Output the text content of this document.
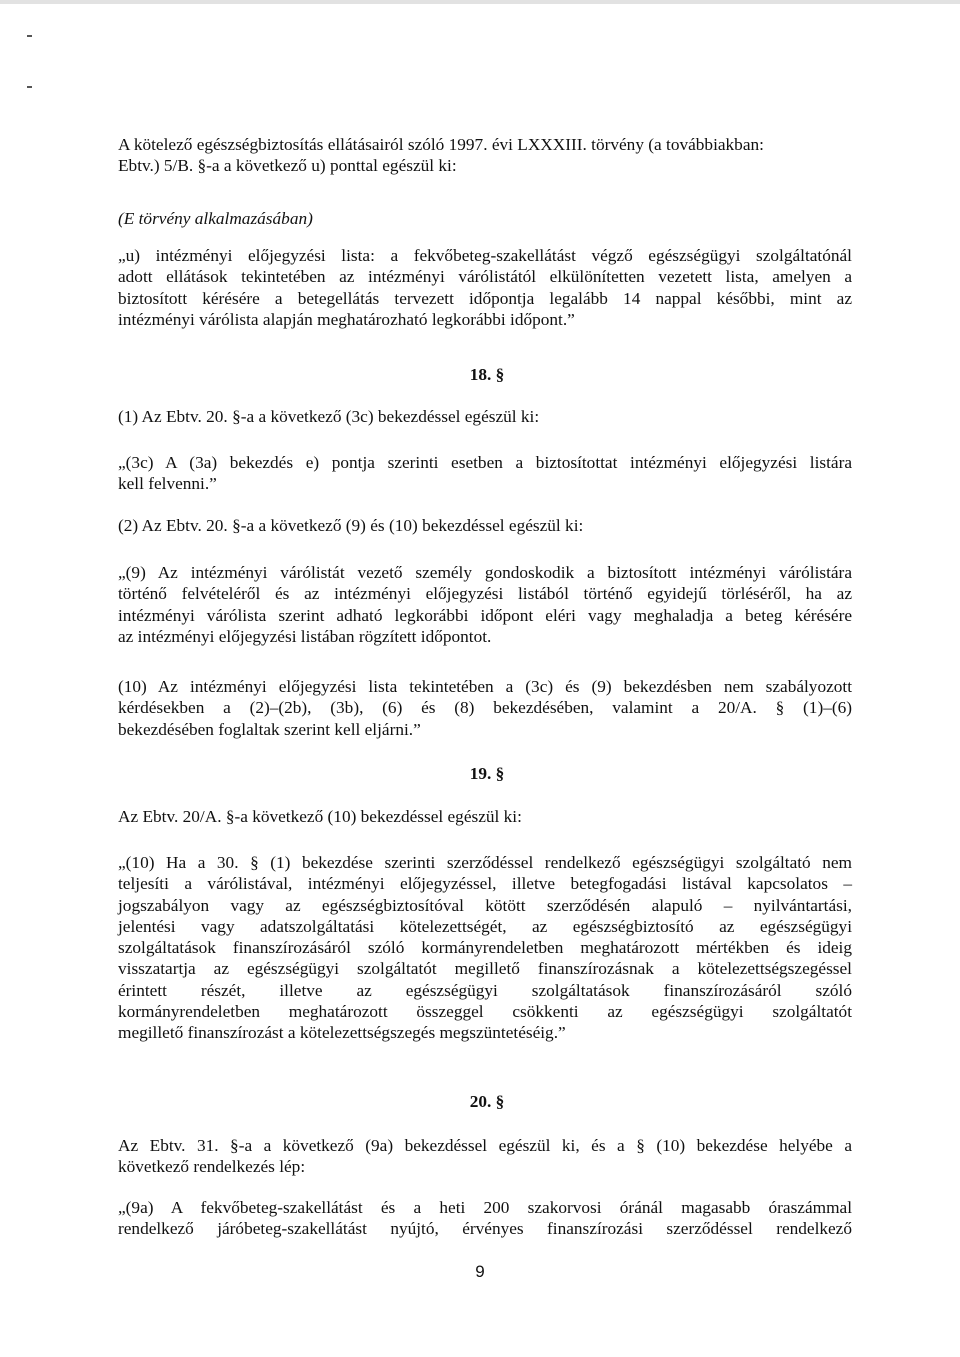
A kötelező egészségbiztosítás ellátásairól szóló 1997. évi LXXXIII. törvény (a továbbiakban:
Ebtv.) 5/B. §-a a következő u) ponttal egészül ki:
(E törvény alkalmazásában)
„u) intézményi előjegyzési lista: a fekvőbeteg-szakellátást végző egészségügyi szolgáltatónál
adott ellátások tekintetében az intézményi várólistától elkülönítetten vezetett lista, amelyen a
biztosított kérésére a betegellátás tervezett időpontja legalább 14 nappal későbbi, mint az
intézményi várólista alapján meghatározható legkorábbi időpont.”
18. §
(1) Az Ebtv. 20. §-a a következő (3c) bekezdéssel egészül ki:
„(3c) A (3a) bekezdés e) pontja szerinti esetben a biztosítottat intézményi előjegyzési listára
kell felvenni.”
(2) Az Ebtv. 20. §-a a következő (9) és (10) bekezdéssel egészül ki:
„(9) Az intézményi várólistát vezető személy gondoskodik a biztosított intézményi várólistára
történő felvételéről és az intézményi előjegyzési listából történő egyidejű törléséről, ha az
intézményi várólista szerint adható legkorábbi időpont eléri vagy meghaladja a beteg kérésére
az intézményi előjegyzési listában rögzített időpontot.
(10) Az intézményi előjegyzési lista tekintetében a (3c) és (9) bekezdésben nem szabályozott
kérdésekben a (2)–(2b), (3b), (6) és (8) bekezdésében, valamint a 20/A. § (1)–(6)
bekezdésében foglaltak szerint kell eljárni.”
19. §
Az Ebtv. 20/A. §-a következő (10) bekezdéssel egészül ki:
„(10) Ha a 30. § (1) bekezdése szerinti szerződéssel rendelkező egészségügyi szolgáltató nem
teljesíti a várólistával, intézményi előjegyzéssel, illetve betegfogadási listával kapcsolatos –
jogszabályon vagy az egészségbiztosítóval kötött szerződésén alapuló – nyilvántartási,
jelentési vagy adatszolgáltatási kötelezettségét, az egészségbiztosító az egészségügyi
szolgáltatások finanszírozásáról szóló kormányrendeletben meghatározott mértékben és ideig
visszatartja az egészségügyi szolgáltatót megillető finanszírozásnak a kötelezettségszegéssel
érintett részét, illetve az egészségügyi szolgáltatások finanszírozásáról szóló
kormányrendeletben meghatározott összeggel csökkenti az egészségügyi szolgáltatót
megillető finanszírozást a kötelezettségszegés megszüntetéséig.”
20. §
Az Ebtv. 31. §-a a következő (9a) bekezdéssel egészül ki, és a § (10) bekezdése helyébe a
következő rendelkezés lép:
„(9a) A fekvőbeteg-szakellátást és a heti 200 szakorvosi óránál magasabb óraszámmal
rendelkező járóbeteg-szakellátást nyújtó, érvényes finanszírozási szerződéssel rendelkező
9
